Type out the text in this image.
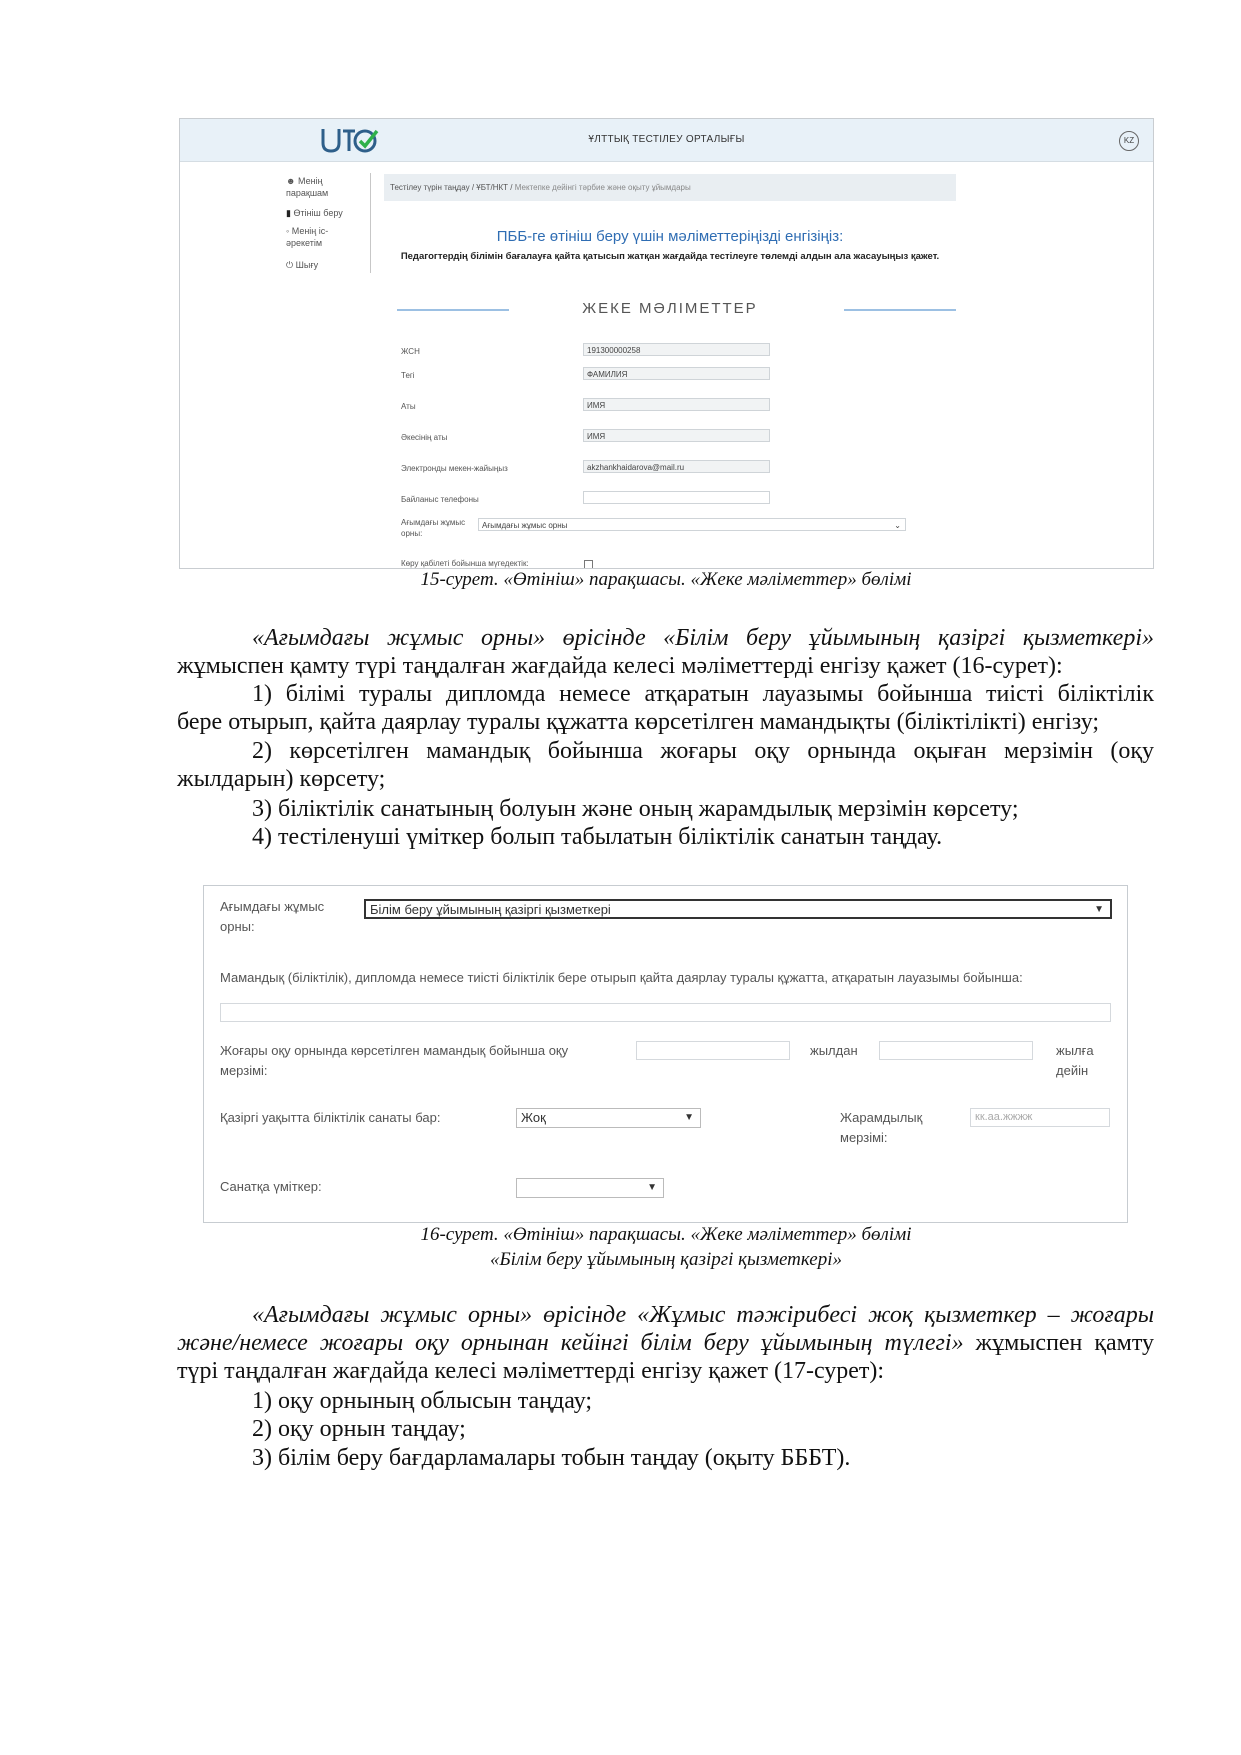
ҰЛТТЫҚ ТЕСТІЛЕУ ОРТАЛЫҒЫ	KZ
☻ Менің парақшам
▮ Өтініш беру
◦ Менің іс-әрекетім
⏻ Шығу
Тестілеу түрін таңдау / ҰБТ/НКТ / Мектепке дейінгі тәрбие және оқыту ұйымдары
ПББ-ге өтініш беру үшін мәліметтеріңізді енгізіңіз:
Педагогтердің білімін бағалауға қайта қатысып жатқан жағдайда тестілеуге төлемді алдын ала жасауыңыз қажет.
ЖЕКЕ МӘЛІМЕТТЕР
ЖСН	191300000258
Тегі	ФАМИЛИЯ
Аты	ИМЯ
Әкесінің аты	ИМЯ
Электронды мекен-жайыңыз	akzhankhaidarova@mail.ru
Байланыс телефоны
Ағымдағы жұмыс орны:
Ағымдағы жұмыс орны	⌄
Көру қабілеті бойынша мүгедектік:
15-сурет. «Өтініш» парақшасы. «Жеке мәліметтер» бөлімі
«Ағымдағы жұмыс орны» өрісінде «Білім беру ұйымының қазіргі қызметкері»
жұмыспен қамту түрі таңдалған жағдайда келесі мәліметтерді енгізу қажет (16-сурет):
1) білімі туралы дипломда немесе атқаратын лауазымы бойынша тиісті біліктілік
бере отырып, қайта даярлау туралы құжатта көрсетілген мамандықты (біліктілікті) енгізу;
2) көрсетілген мамандық бойынша жоғары оқу орнында оқыған мерзімін (оқу
жылдарын) көрсету;
3) біліктілік санатының болуын және оның жарамдылық мерзімін көрсету;
4) тестіленуші үміткер болып табылатын біліктілік санатын таңдау.
Ағымдағы жұмыс орны:
Білім беру ұйымының қазіргі қызметкері	▼
Мамандық (біліктілік), дипломда немесе тиісті біліктілік бере отырып қайта даярлау туралы құжатта, атқаратын лауазымы бойынша:
Жоғары оқу орнында көрсетілген мамандық бойынша оқу мерзімі:
жылдан	жылға дейін
Қазіргі уақытта біліктілік санаты бар:	Жоқ	▼	Жарамдылық мерзімі:
кк.аа.жжжж
Санатқа үміткер:	▼
16-сурет. «Өтініш» парақшасы. «Жеке мәліметтер» бөлімі
«Білім беру ұйымының қазіргі қызметкері»
«Ағымдағы жұмыс орны» өрісінде «Жұмыс тәжірибесі жоқ қызметкер – жоғары
және/немесе жоғары оқу орнынан кейінгі білім беру ұйымының түлегі» жұмыспен қамту
түрі таңдалған жағдайда келесі мәліметтерді енгізу қажет (17-сурет):
1) оқу орнының облысын таңдау;
2) оқу орнын таңдау;
3) білім беру бағдарламалары тобын таңдау (оқыту БББТ).
